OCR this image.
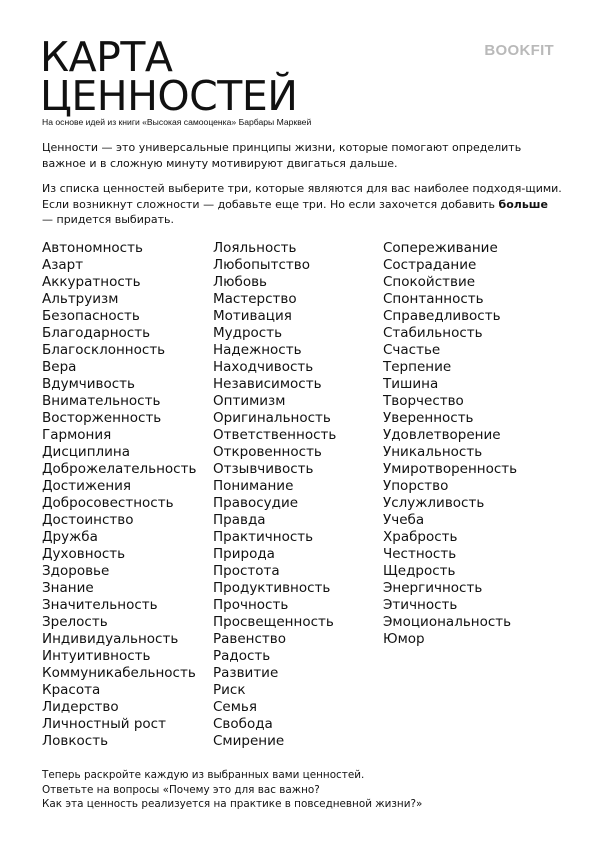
КАРТА
ЦЕННОСТЕЙ
BOOKFIT
На основе идей из книги «Высокая самооценка» Барбары Марквей

Ценности — это универсальные принципы жизни, которые помогают определить важное и в сложную минуту мотивируют двигаться дальше.

Из списка ценностей выберите три, которые являются для вас наиболее подходя-щими. Если возникнут сложности — добавьте еще три. Но если захочется добавить больше — придется выбирать.

Автономность
Азарт
Аккуратность
Альтруизм
Безопасность
Благодарность
Благосклонность
Вера
Вдумчивость
Внимательность
Восторженность
Гармония
Дисциплина
Доброжелательность
Достижения
Добросовестность
Достоинство
Дружба
Духовность
Здоровье
Знание
Значительность
Зрелость
Индивидуальность
Интуитивность
Коммуникабельность
Красота
Лидерство
Личностный рост
Ловкость
Лояльность
Любопытство
Любовь
Мастерство
Мотивация
Мудрость
Надежность
Находчивость
Независимость
Оптимизм
Оригинальность
Ответственность
Откровенность
Отзывчивость
Понимание
Правосудие
Правда
Практичность
Природа
Простота
Продуктивность
Прочность
Просвещенность
Равенство
Радость
Развитие
Риск
Семья
Свобода
Смирение
Сопереживание
Сострадание
Спокойствие
Спонтанность
Справедливость
Стабильность
Счастье
Терпение
Тишина
Творчество
Уверенность
Удовлетворение
Уникальность
Умиротворенность
Упорство
Услужливость
Учеба
Храбрость
Честность
Щедрость
Энергичность
Этичность
Эмоциональность
Юмор
Теперь раскройте каждую из выбранных вами ценностей.
Ответьте на вопросы «Почему это для вас важно?
Как эта ценность реализуется на практике в повседневной жизни?»
